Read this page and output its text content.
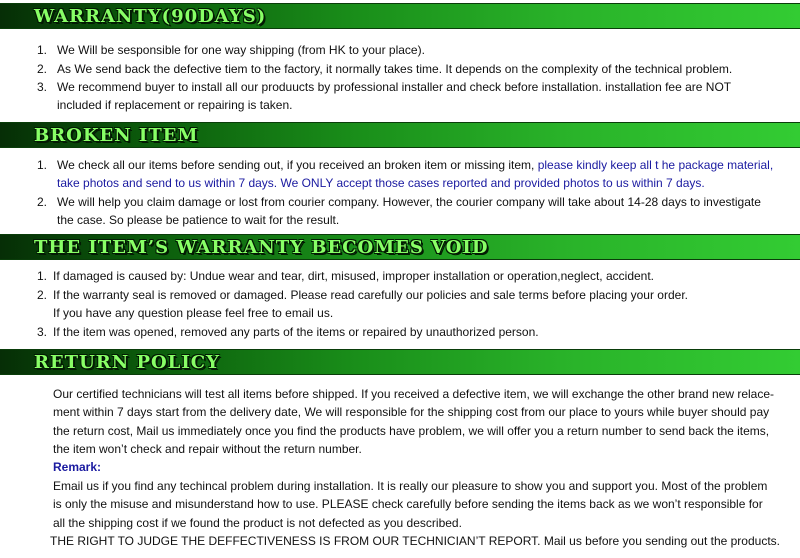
WARRANTY(90DAYS)
1. We Will be sesponsible for one way shipping (from HK to your place).
2. As We send back the defective tiem to the factory, it normally takes time. It depends on the complexity of the technical problem.
3. We recommend buyer to install all our produucts by professional installer and check before installation. installation fee are NOT
included if replacement or repairing is taken.
BROKEN ITEM
1. We check all our items before sending out, if you received an broken item or missing item, please kindly keep all t he package material,
take photos and send to us within 7 days. We ONLY accept those cases reported and provided photos to us within 7 days.
2. We will help you claim damage or lost from courier company. However, the courier company will take about 14-28 days to investigate
the case. So please be patience to wait for the result.
THE ITEM’S WARRANTY BECOMES VOID
1. If damaged is caused by: Undue wear and tear, dirt, misused, improper installation or operation,neglect, accident.
2. If the warranty seal is removed or damaged. Please read carefully our policies and sale terms before placing your order.
If you have any question please feel free to email us.
3. If the item was opened, removed any parts of the items or repaired by unauthorized person.
RETURN POLICY
Our certified technicians will test all items before shipped. If you received a defective item, we will exchange the other brand new relace-
ment within 7 days start from the delivery date, We will responsible for the shipping cost from our place to yours while buyer should pay
the return cost, Mail us immediately once you find the products have problem, we will offer you a return number to send back the items,
the item won’t check and repair without the return number.
Remark:
Email us if you find any techincal problem during installation. It is really our pleasure to show you and support you. Most of the problem
is only the misuse and misunderstand how to use. PLEASE check carefully before sending the items back as we won’t responsible for
all the shipping cost if we found the product is not defected as you described.
THE RIGHT TO JUDGE THE DEFFECTIVENESS IS FROM OUR TECHNICIAN’T REPORT. Mail us before you sending out the products.
